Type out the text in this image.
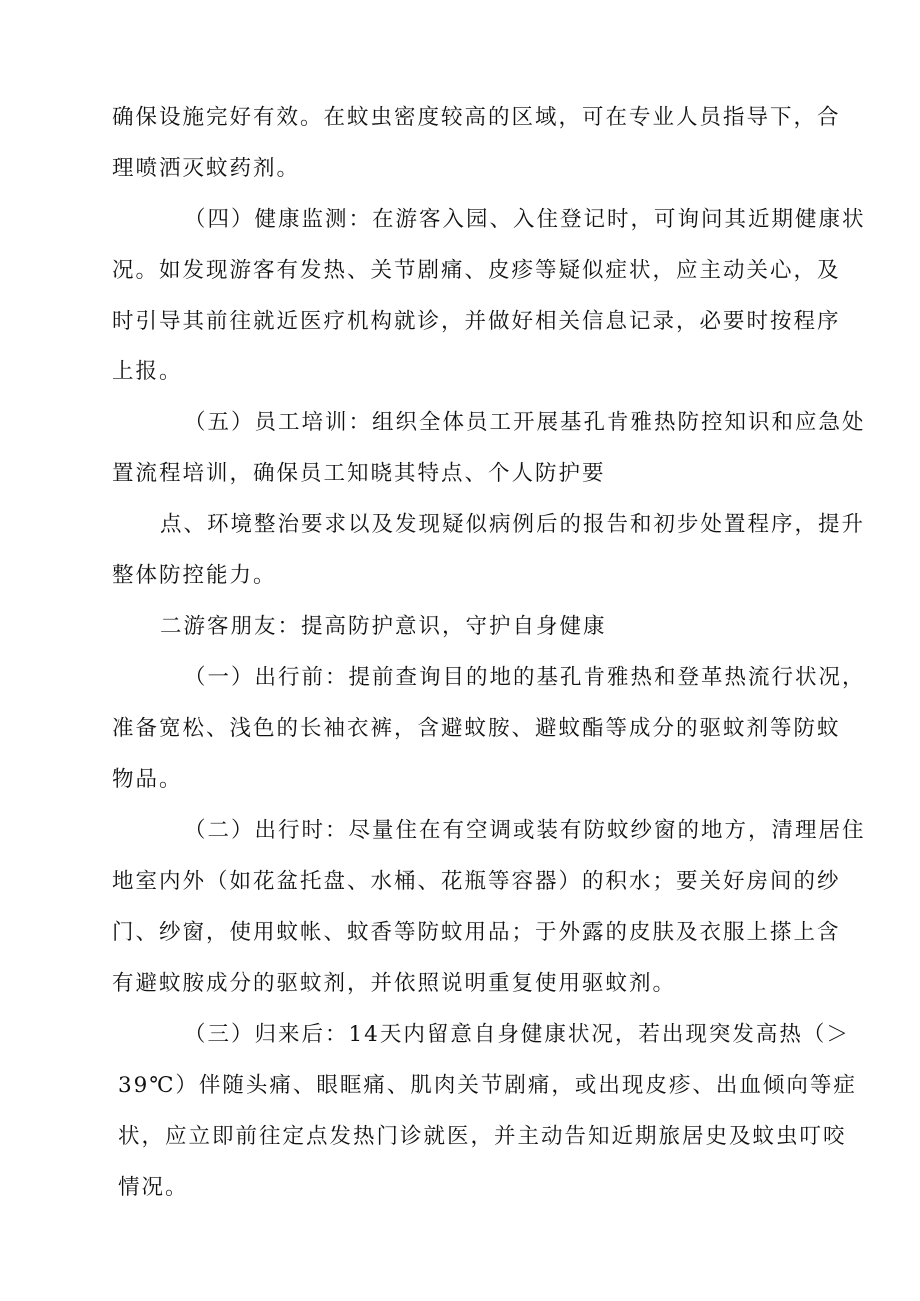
确保设施完好有效。在蚊虫密度较高的区域，可在专业人员指导下，合

理喷洒灭蚊药剂。

（四）健康监测：在游客入园、入住登记时，可询问其近期健康状

况。如发现游客有发热、关节剧痛、皮疹等疑似症状，应主动关心，及

时引导其前往就近医疗机构就诊，并做好相关信息记录，必要时按程序

上报。

（五）员工培训：组织全体员工开展基孔肯雅热防控知识和应急处

置流程培训，确保员工知晓其特点、个人防护要

点、环境整治要求以及发现疑似病例后的报告和初步处置程序，提升

整体防控能力。

二游客朋友：提高防护意识，守护自身健康

（一）出行前：提前查询目的地的基孔肯雅热和登革热流行状况，

准备宽松、浅色的长袖衣裤，含避蚊胺、避蚊酯等成分的驱蚊剂等防蚊

物品。

（二）出行时：尽量住在有空调或装有防蚊纱窗的地方，清理居住

地室内外（如花盆托盘、水桶、花瓶等容器）的积水；要关好房间的纱

门、纱窗，使用蚊帐、蚊香等防蚊用品；于外露的皮肤及衣服上搽上含

有避蚊胺成分的驱蚊剂，并依照说明重复使用驱蚊剂。

（三）归来后：14天内留意自身健康状况，若出现突发高热（＞

39℃）伴随头痛、眼眶痛、肌肉关节剧痛，或出现皮疹、出血倾向等症

状，应立即前往定点发热门诊就医，并主动告知近期旅居史及蚊虫叮咬

情况。
